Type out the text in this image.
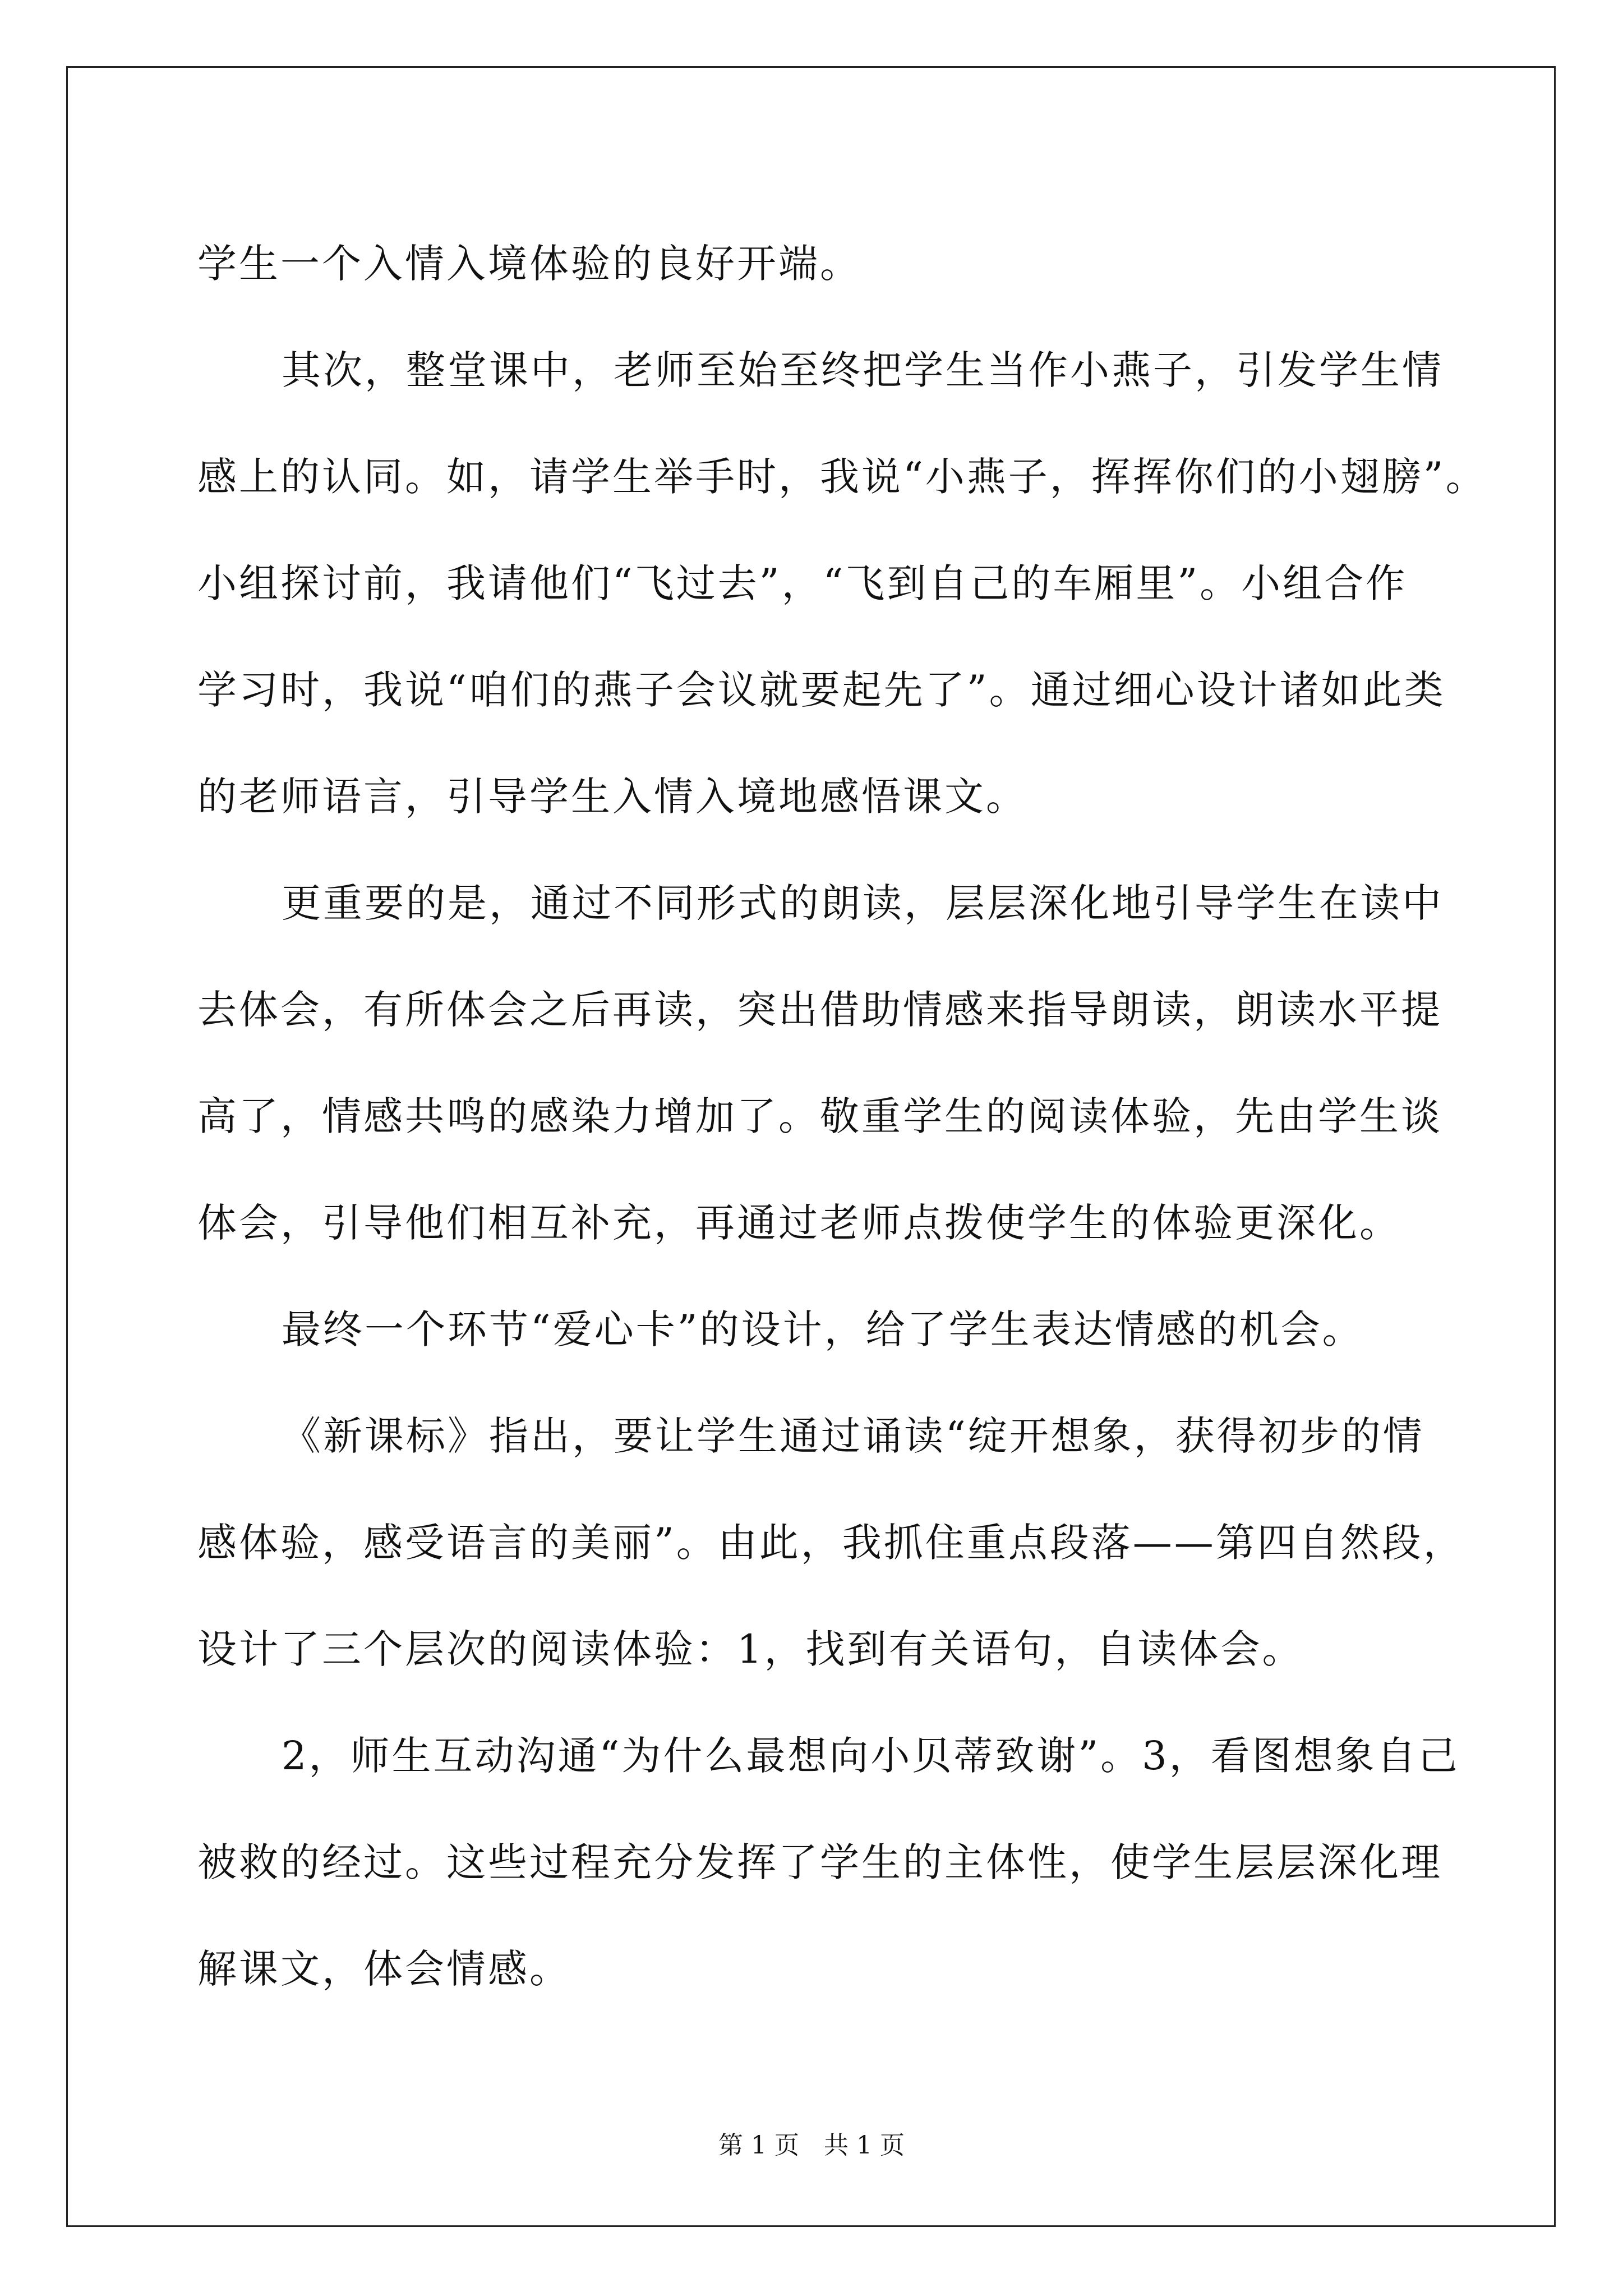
学生一个入情入境体验的良好开端。
其次，整堂课中，老师至始至终把学生当作小燕子，引发学生情
感上的认同。如，请学生举手时，我说“小燕子，挥挥你们的小翅膀”。
小组探讨前，我请他们“飞过去”，“飞到自己的车厢里”。小组合作
学习时，我说“咱们的燕子会议就要起先了”。通过细心设计诸如此类
的老师语言，引导学生入情入境地感悟课文。
更重要的是，通过不同形式的朗读，层层深化地引导学生在读中
去体会，有所体会之后再读，突出借助情感来指导朗读，朗读水平提
高了，情感共鸣的感染力增加了。敬重学生的阅读体验，先由学生谈
体会，引导他们相互补充，再通过老师点拨使学生的体验更深化。
最终一个环节“爱心卡”的设计，给了学生表达情感的机会。
《新课标》指出，要让学生通过诵读“绽开想象，获得初步的情
感体验，感受语言的美丽”。由此，我抓住重点段落——第四自然段，
设计了三个层次的阅读体验：1，找到有关语句，自读体会。
2，师生互动沟通“为什么最想向小贝蒂致谢”。3，看图想象自己
被救的经过。这些过程充分发挥了学生的主体性，使学生层层深化理
解课文，体会情感。
第 1 页　共 1 页
